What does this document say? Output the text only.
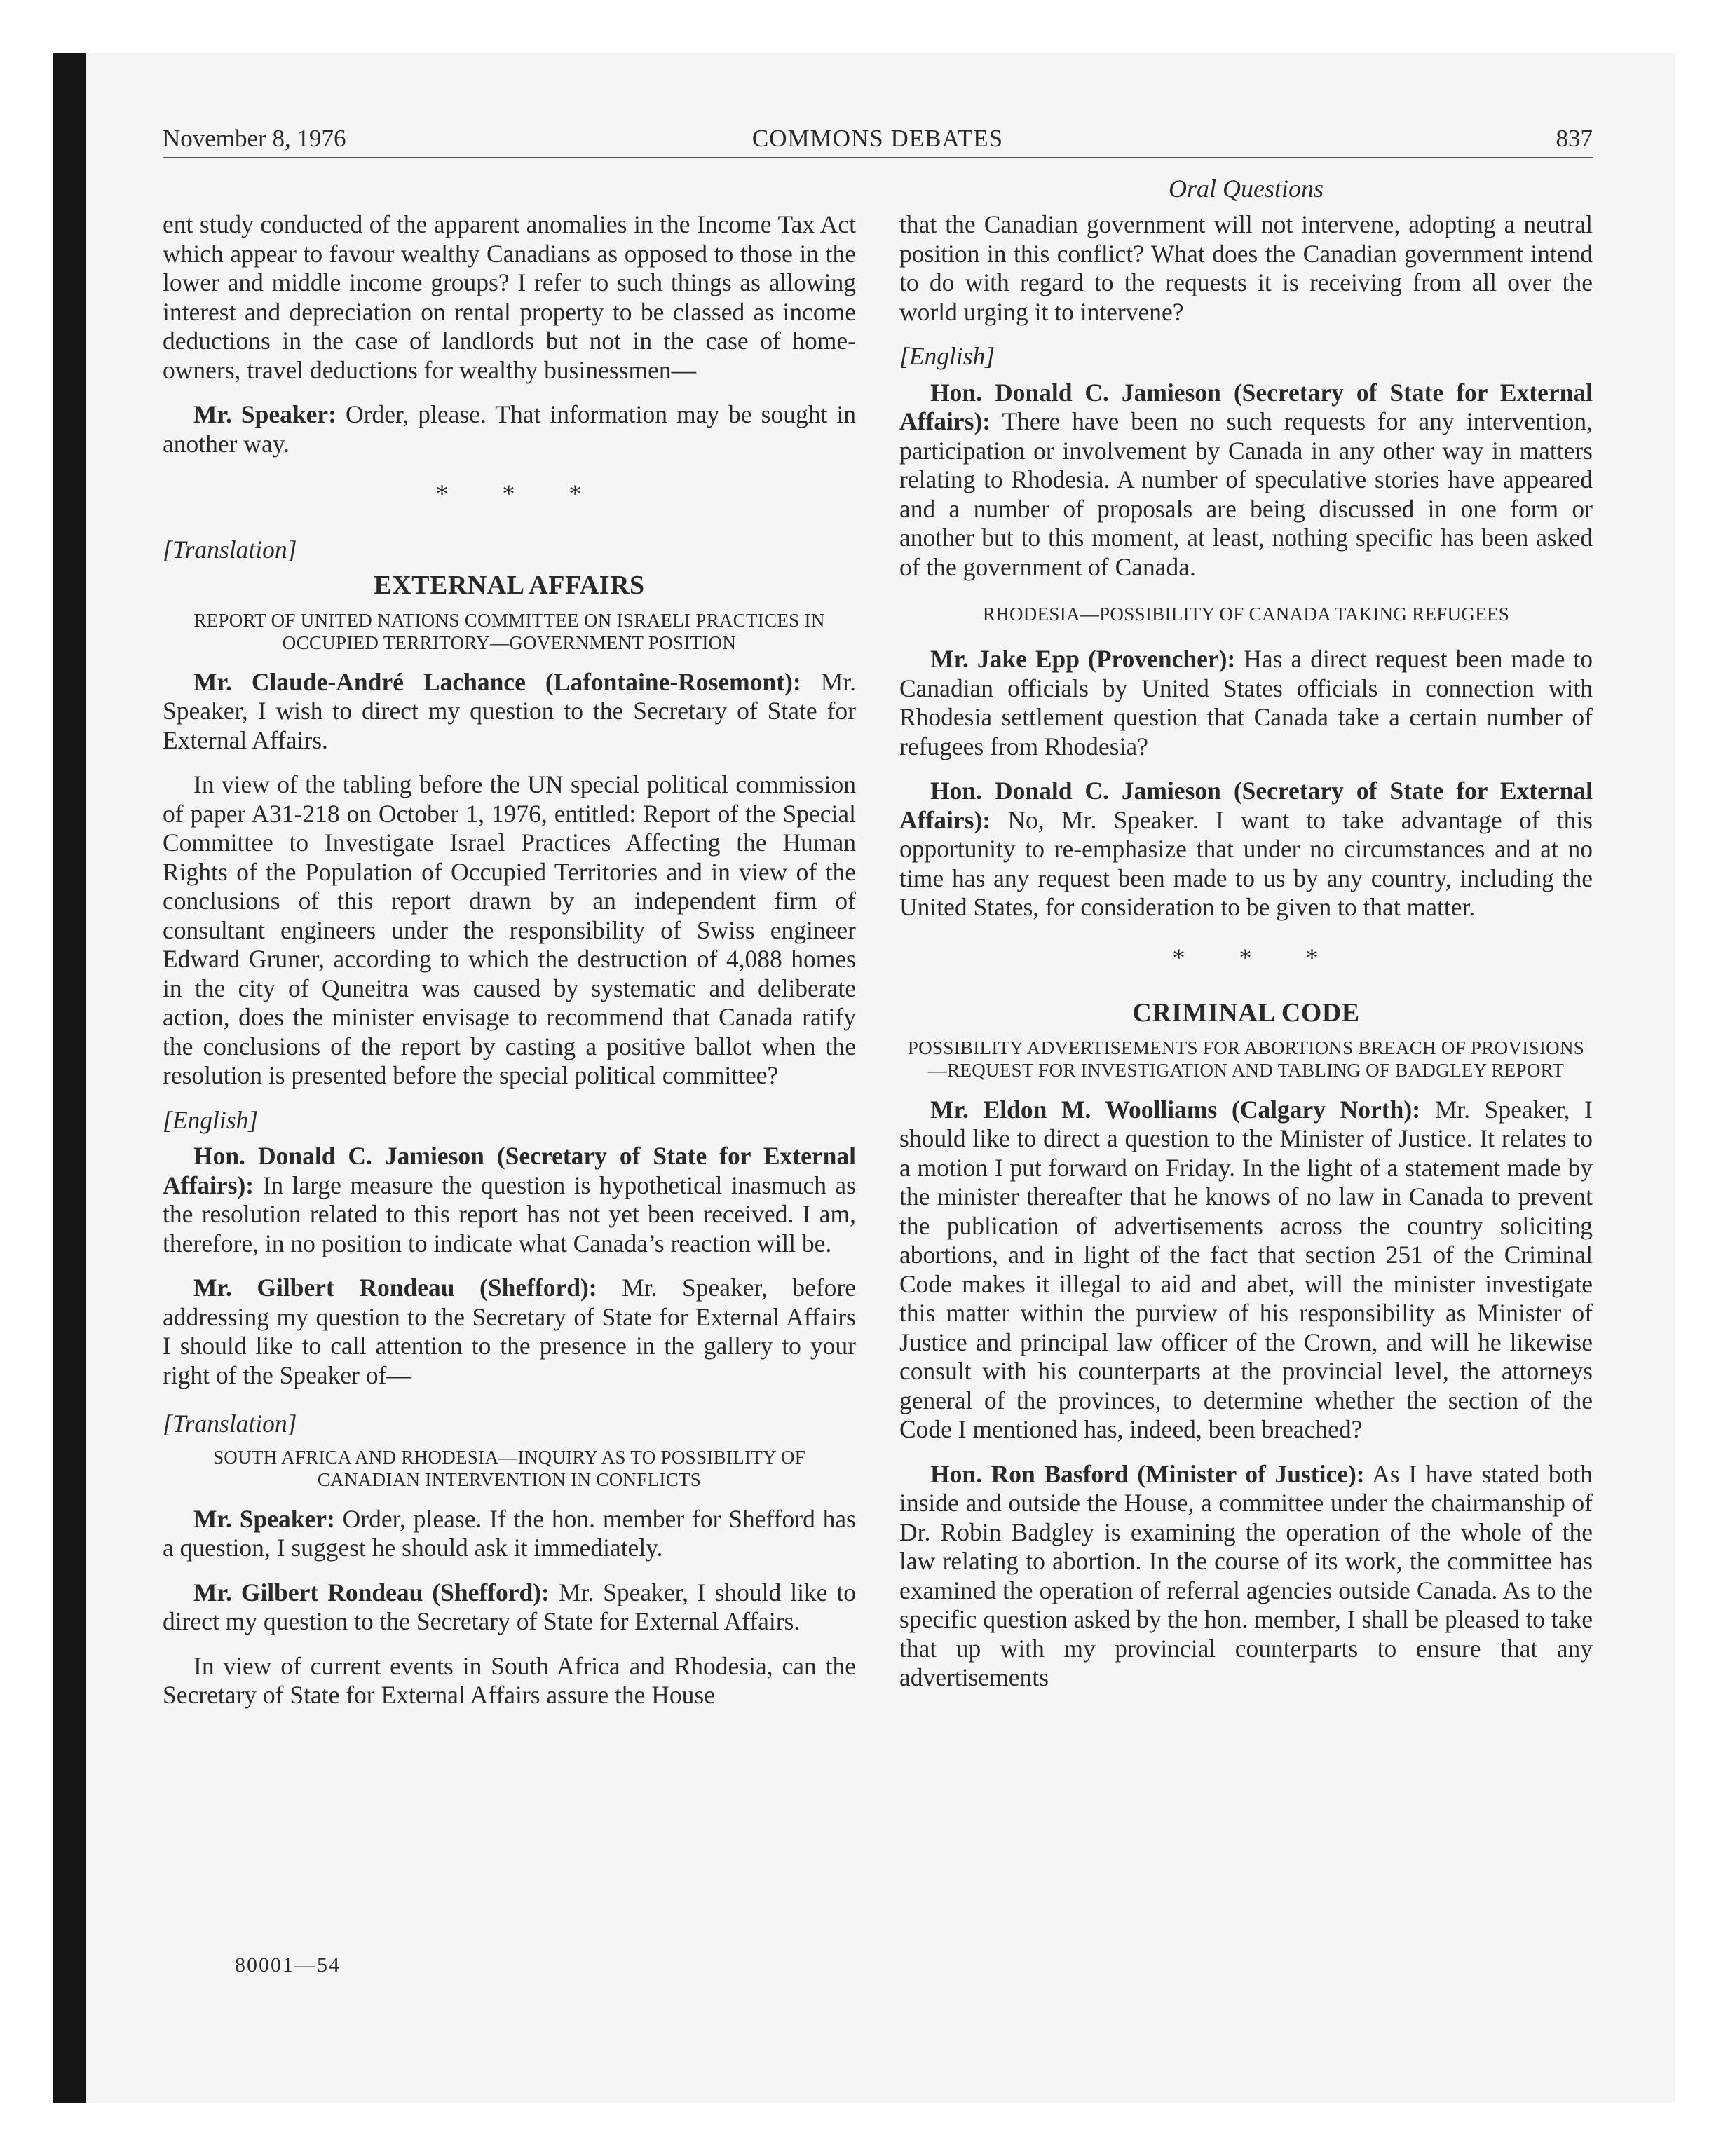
November 8, 1976	COMMONS DEBATES	837
Oral Questions

ent study conducted of the apparent anomalies in the Income Tax Act which appear to favour wealthy Canadians as opposed to those in the lower and middle income groups? I refer to such things as allowing interest and depreciation on rental property to be classed as income deductions in the case of landlords but not in the case of home-owners, travel deductions for wealthy businessmen—

Mr. Speaker: Order, please. That information may be sought in another way.

* * *

[Translation]

EXTERNAL AFFAIRS
REPORT OF UNITED NATIONS COMMITTEE ON ISRAELI PRACTICES IN OCCUPIED TERRITORY—GOVERNMENT POSITION

Mr. Claude-André Lachance (Lafontaine-Rosemont): Mr. Speaker, I wish to direct my question to the Secretary of State for External Affairs.

In view of the tabling before the UN special political commission of paper A31-218 on October 1, 1976, entitled: Report of the Special Committee to Investigate Israel Practices Affecting the Human Rights of the Population of Occupied Territories and in view of the conclusions of this report drawn by an independent firm of consultant engineers under the responsibility of Swiss engineer Edward Gruner, according to which the destruction of 4,088 homes in the city of Quneitra was caused by systematic and deliberate action, does the minister envisage to recommend that Canada ratify the conclusions of the report by casting a positive ballot when the resolution is presented before the special political committee?

[English]

Hon. Donald C. Jamieson (Secretary of State for External Affairs): In large measure the question is hypothetical inasmuch as the resolution related to this report has not yet been received. I am, therefore, in no position to indicate what Canada’s reaction will be.

Mr. Gilbert Rondeau (Shefford): Mr. Speaker, before addressing my question to the Secretary of State for External Affairs I should like to call attention to the presence in the gallery to your right of the Speaker of—

[Translation]

SOUTH AFRICA AND RHODESIA—INQUIRY AS TO POSSIBILITY OF CANADIAN INTERVENTION IN CONFLICTS

Mr. Speaker: Order, please. If the hon. member for Shefford has a question, I suggest he should ask it immediately.

Mr. Gilbert Rondeau (Shefford): Mr. Speaker, I should like to direct my question to the Secretary of State for External Affairs.

In view of current events in South Africa and Rhodesia, can the Secretary of State for External Affairs assure the House

that the Canadian government will not intervene, adopting a neutral position in this conflict? What does the Canadian government intend to do with regard to the requests it is receiving from all over the world urging it to intervene?

[English]

Hon. Donald C. Jamieson (Secretary of State for External Affairs): There have been no such requests for any intervention, participation or involvement by Canada in any other way in matters relating to Rhodesia. A number of speculative stories have appeared and a number of proposals are being discussed in one form or another but to this moment, at least, nothing specific has been asked of the government of Canada.

RHODESIA—POSSIBILITY OF CANADA TAKING REFUGEES

Mr. Jake Epp (Provencher): Has a direct request been made to Canadian officials by United States officials in connection with Rhodesia settlement question that Canada take a certain number of refugees from Rhodesia?

Hon. Donald C. Jamieson (Secretary of State for External Affairs): No, Mr. Speaker. I want to take advantage of this opportunity to re-emphasize that under no circumstances and at no time has any request been made to us by any country, including the United States, for consideration to be given to that matter.

* * *
CRIMINAL CODE
POSSIBILITY ADVERTISEMENTS FOR ABORTIONS BREACH OF PROVISIONS—REQUEST FOR INVESTIGATION AND TABLING OF BADGLEY REPORT

Mr. Eldon M. Woolliams (Calgary North): Mr. Speaker, I should like to direct a question to the Minister of Justice. It relates to a motion I put forward on Friday. In the light of a statement made by the minister thereafter that he knows of no law in Canada to prevent the publication of advertisements across the country soliciting abortions, and in light of the fact that section 251 of the Criminal Code makes it illegal to aid and abet, will the minister investigate this matter within the purview of his responsibility as Minister of Justice and principal law officer of the Crown, and will he likewise consult with his counterparts at the provincial level, the attorneys general of the provinces, to determine whether the section of the Code I mentioned has, indeed, been breached?

Hon. Ron Basford (Minister of Justice): As I have stated both inside and outside the House, a committee under the chairmanship of Dr. Robin Badgley is examining the operation of the whole of the law relating to abortion. In the course of its work, the committee has examined the operation of referral agencies outside Canada. As to the specific question asked by the hon. member, I shall be pleased to take that up with my provincial counterparts to ensure that any advertisements

80001—54
